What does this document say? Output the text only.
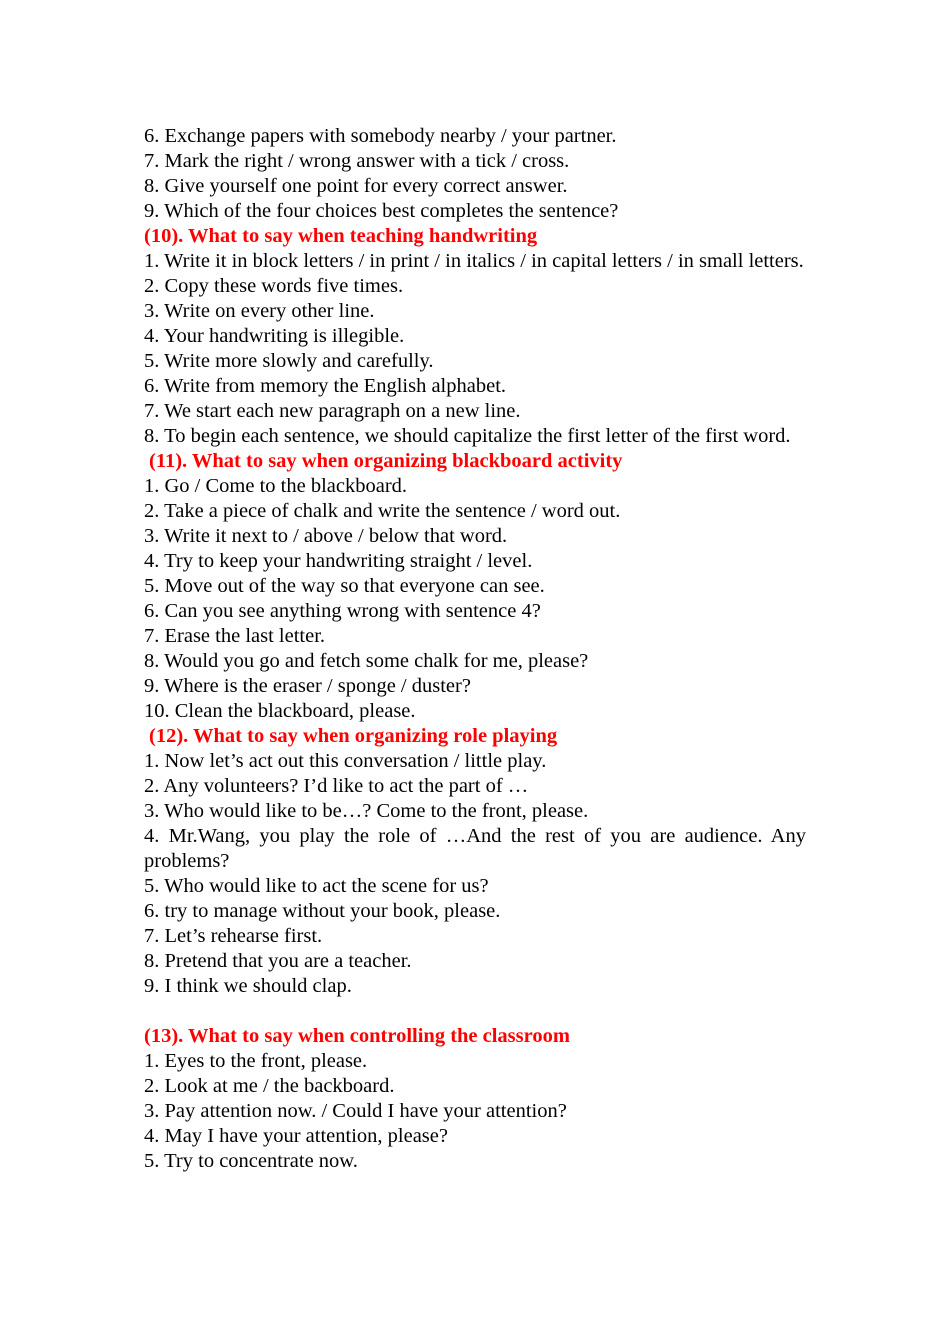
6. Exchange papers with somebody nearby / your partner.

7. Mark the right / wrong answer with a tick / cross.

8. Give yourself one point for every correct answer.

9. Which of the four choices best completes the sentence?

(10). What to say when teaching handwriting

1. Write it in block letters / in print / in italics / in capital letters / in small letters.

2. Copy these words five times.

3. Write on every other line.

4. Your handwriting is illegible.

5. Write more slowly and carefully.

6. Write from memory the English alphabet.

7. We start each new paragraph on a new line.

8. To begin each sentence, we should capitalize the first letter of the first word.

(11). What to say when organizing blackboard activity

1. Go / Come to the blackboard.

2. Take a piece of chalk and write the sentence / word out.

3. Write it next to / above / below that word.

4. Try to keep your handwriting straight / level.

5. Move out of the way so that everyone can see.

6. Can you see anything wrong with sentence 4?

7. Erase the last letter.

8. Would you go and fetch some chalk for me, please?

9. Where is the eraser / sponge / duster?

10. Clean the blackboard, please.

(12). What to say when organizing role playing

1. Now let’s act out this conversation / little play.

2. Any volunteers? I’d like to act the part of …

3. Who would like to be…? Come to the front, please.

4. Mr.Wang, you play the role of …And the rest of you are audience. Any problems?

5. Who would like to act the scene for us?

6. try to manage without your book, please.

7. Let’s rehearse first.

8. Pretend that you are a teacher.

9. I think we should clap.

(13). What to say when controlling the classroom

1. Eyes to the front, please.

2. Look at me / the backboard.

3. Pay attention now. / Could I have your attention?

4. May I have your attention, please?

5. Try to concentrate now.
